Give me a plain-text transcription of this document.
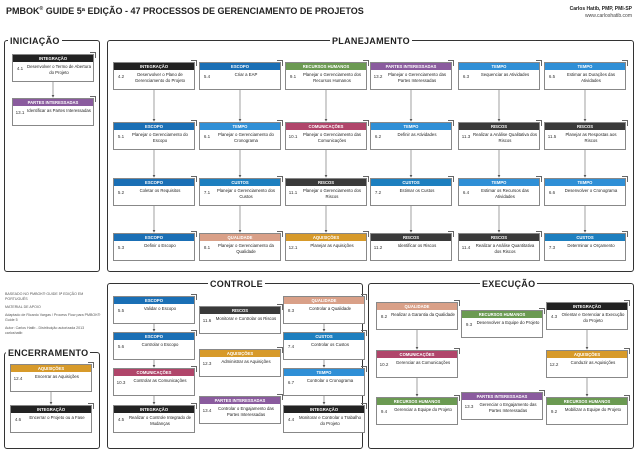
PMBOK® GUIDE 5ª EDIÇÃO - 47 PROCESSOS DE GERENCIAMENTO DE PROJETOS	Carlos Hatib, PMP, PMI-SP
www.carloshatib.com
INICIAÇÃO	PLANEJAMENTO
CONTROLE	EXECUÇÃO
ENCERRAMENTO

BASEADO NO PMBOK® GUIDE 5ª EDIÇÃO EM PORTUGUÊS

MATERIAL DE APOIO

Adaptado de Ricardo Vargas / Process Flow para PMBOK® Guide 5

Autor: Carlos Hatib - Distribuição autorizada 2013 carloshatib

INTEGRAÇÃO
4.1 Desenvolver o Termo de Abertura do Projeto
PARTES INTERESSADAS
13.1 Identificar as Partes Interessadas
INTEGRAÇÃO
4.2	Desenvolver o Plano de Gerenciamento do Projeto
ESCOPO
5.4	Criar a EAP
RECURSOS HUMANOS
9.1	Planejar o Gerenciamento dos Recursos Humanos
PARTES INTERESSADAS
13.2	Planejar o Gerenciamento das Partes Interessadas
TEMPO
6.3	Sequenciar as Atividades
TEMPO
6.5	Estimar as Durações das Atividades
ESCOPO
5.1	Planejar o Gerenciamento do Escopo
TEMPO
6.1	Planejar o Gerenciamento do Cronograma
COMUNICAÇÕES
10.1	Planejar o Gerenciamento das Comunicações
TEMPO
6.2	Definir as Atividades
RISCOS
11.3 Realizar a Análise Qualitativa dos Riscos
RISCOS
11.5	Planejar as Respostas aos Riscos
ESCOPO
5.2	Coletar os Requisitos
CUSTOS
7.1	Planejar o Gerenciamento dos Custos
RISCOS
11.1	Planejar o Gerenciamento dos Riscos
CUSTOS
7.2	Estimar os Custos
TEMPO
6.4	Estimar os Recursos das Atividades
TEMPO
6.6	Desenvolver o Cronograma
ESCOPO
5.3	Definir o Escopo
QUALIDADE
8.1	Planejar o Gerenciamento da Qualidade
AQUISIÇÕES
12.1	Planejar as Aquisições
RISCOS
11.2	Identificar os Riscos
RISCOS
11.4	Realizar a Análise Quantitativa dos Riscos
CUSTOS
7.3	Determinar o Orçamento
ESCOPO
5.5	Validar o Escopo	RISCOS
11.6	Monitorar e Controlar os Riscos
QUALIDADE
8.3	Controlar a Qualidade
ESCOPO
5.6	Controlar o Escopo
CUSTOS
7.4	Controlar os Custos
AQUISIÇÕES
12.3	Administrar as Aquisições
COMUNICAÇÕES
10.3	Controlar as Comunicações
TEMPO
6.7	Controlar o Cronograma
INTEGRAÇÃO
4.5	Realizar o Controle Integrado de Mudanças
PARTES INTERESSADAS
13.4	Controlar o Engajamento das Partes Interessadas
INTEGRAÇÃO
4.4	Monitorar e Controlar o Trabalho do Projeto
QUALIDADE
8.2 Realizar a Garantia da Qualidade	RECURSOS HUMANOS
9.3	Desenvolver a Equipe do Projeto
INTEGRAÇÃO
4.3	Orientar e Gerenciar a Execução do Projeto
COMUNICAÇÕES
10.2	Gerenciar as Comunicações
AQUISIÇÕES
12.2	Conduzir as Aquisições
RECURSOS HUMANOS
9.4	Gerenciar a Equipe do Projeto
PARTES INTERESSADAS
13.3	Gerenciar o Engajamento das Partes Interessadas
RECURSOS HUMANOS
9.2	Mobilizar a Equipe do Projeto
AQUISIÇÕES
12.4	Encerrar as Aquisições
INTEGRAÇÃO
4.6	Encerrar o Projeto ou a Fase
